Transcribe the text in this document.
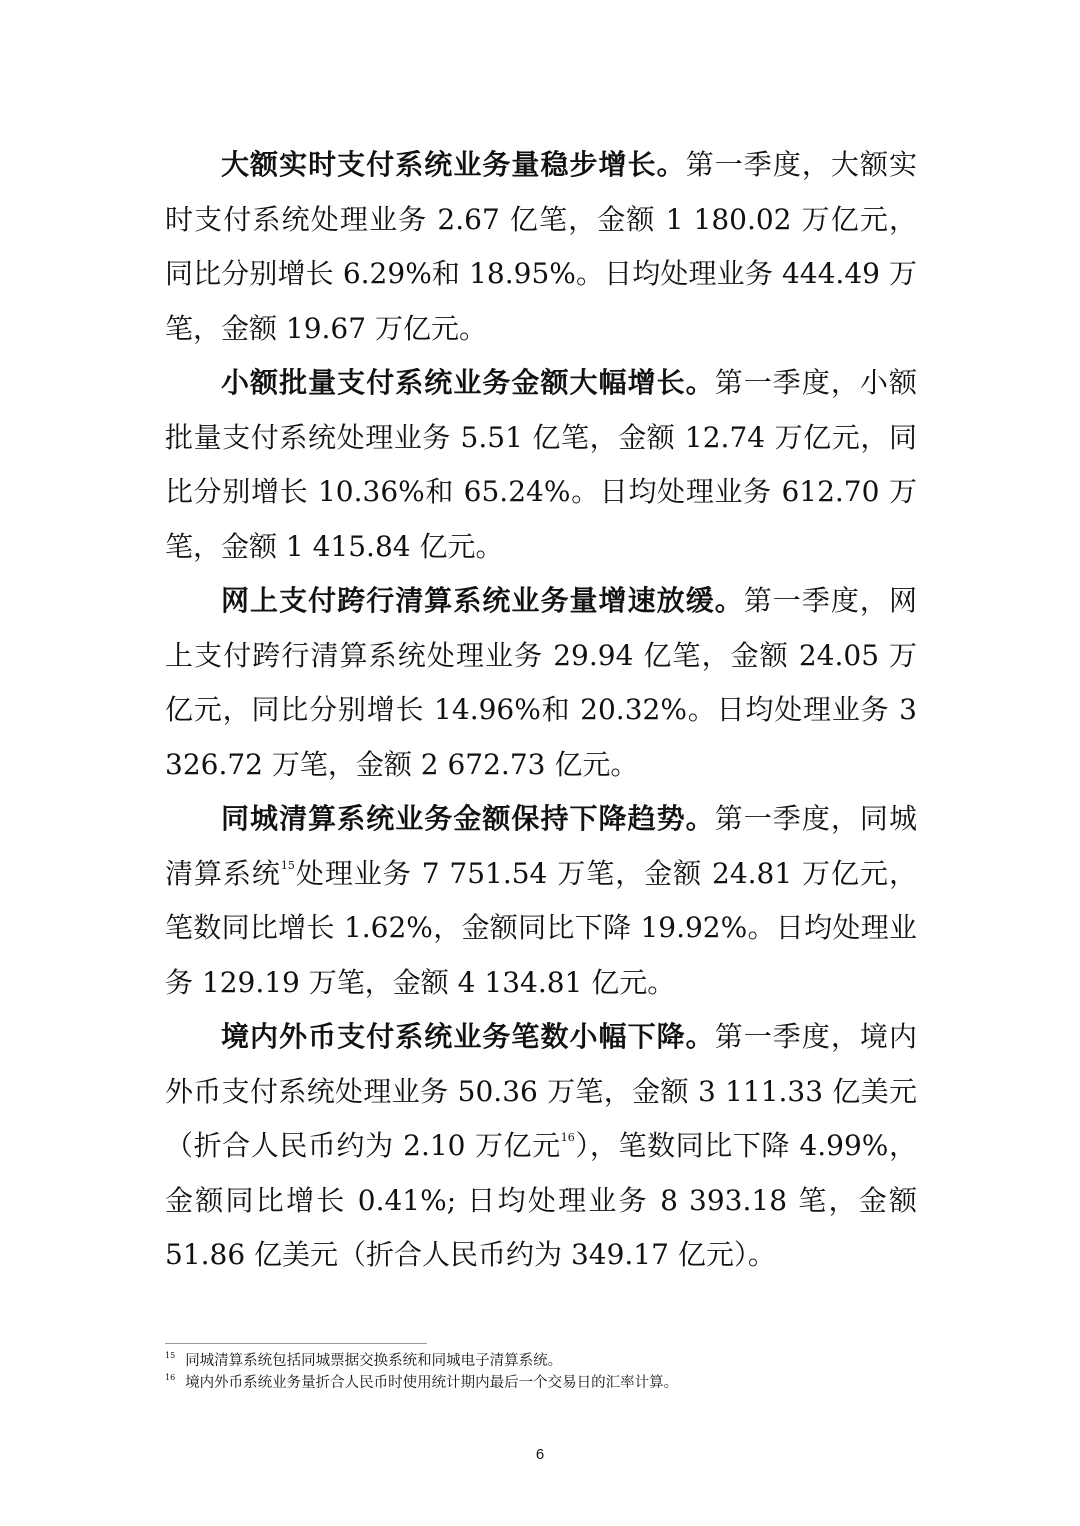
大额实时支付系统业务量稳步增长。第一季度，大额实时支付系统处理业务 2.67 亿笔，金额 1 180.02 万亿元，同比分别增长 6.29%和 18.95%。日均处理业务 444.49 万笔，金额 19.67 万亿元。

小额批量支付系统业务金额大幅增长。第一季度，小额批量支付系统处理业务 5.51 亿笔，金额 12.74 万亿元，同比分别增长 10.36%和 65.24%。日均处理业务 612.70 万笔，金额 1 415.84 亿元。

网上支付跨行清算系统业务量增速放缓。第一季度，网上支付跨行清算系统处理业务 29.94 亿笔，金额 24.05 万亿元，同比分别增长 14.96%和 20.32%。日均处理业务 3 326.72 万笔，金额 2 672.73 亿元。

同城清算系统业务金额保持下降趋势。第一季度，同城清算系统$^{15}$处理业务 7 751.54 万笔，金额 24.81 万亿元，笔数同比增长 1.62%，金额同比下降 19.92%。日均处理业务 129.19 万笔，金额 4 134.81 亿元。

境内外币支付系统业务笔数小幅下降。第一季度，境内外币支付系统处理业务 50.36 万笔，金额 3 111.33 亿美元（折合人民币约为 2.10 万亿元$^{16}$），笔数同比下降 4.99%，金额同比增长 0.41%; 日均处理业务 8 393.18 笔，金额 51.86 亿美元（折合人民币约为 349.17 亿元）。

$^{15}$ 同城清算系统包括同城票据交换系统和同城电子清算系统。

$^{16}$ 境内外币系统业务量折合人民币时使用统计期内最后一个交易日的汇率计算。

6
